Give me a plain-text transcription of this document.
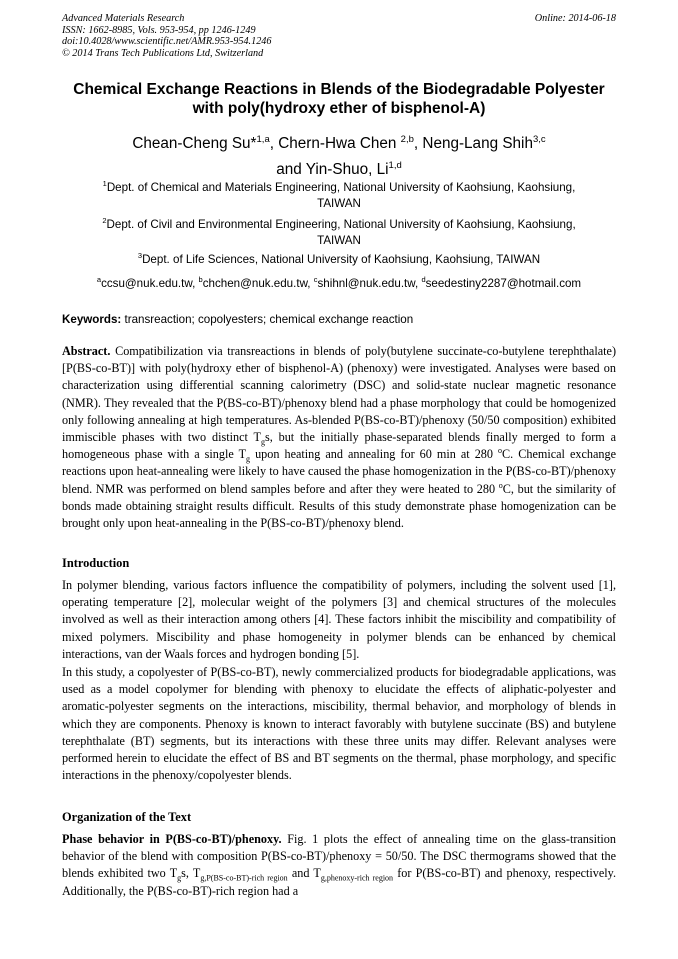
Advanced Materials Research
ISSN: 1662-8985, Vols. 953-954, pp 1246-1249
doi:10.4028/www.scientific.net/AMR.953-954.1246
© 2014 Trans Tech Publications Ltd, Switzerland
Online: 2014-06-18
Chemical Exchange Reactions in Blends of the Biodegradable Polyester
with poly(hydroxy ether of bisphenol-A)
Chean-Cheng Su*$^{1,a}$, Chern-Hwa Chen $^{2,b}$, Neng-Lang Shih$^{3,c}$
and Yin-Shuo, Li$^{1,d}$
$^1$Dept. of Chemical and Materials Engineering, National University of Kaohsiung, Kaohsiung,
TAIWAN
$^2$Dept. of Civil and Environmental Engineering, National University of Kaohsiung, Kaohsiung,
TAIWAN
$^3$Dept. of Life Sciences, National University of Kaohsiung, Kaohsiung, TAIWAN
$^a$ccsu@nuk.edu.tw, $^b$chchen@nuk.edu.tw, $^c$shihnl@nuk.edu.tw, $^d$seedestiny2287@hotmail.com
Keywords: transreaction; copolyesters; chemical exchange reaction

Abstract. Compatibilization via transreactions in blends of poly(butylene succinate-co-butylene terephthalate) [P(BS-co-BT)] with poly(hydroxy ether of bisphenol-A) (phenoxy) were investigated. Analyses were based on characterization using differential scanning calorimetry (DSC) and solid-state nuclear magnetic resonance (NMR). They revealed that the P(BS-co-BT)/phenoxy blend had a phase morphology that could be homogenized only following annealing at high temperatures. As-blended P(BS-co-BT)/phenoxy (50/50 composition) exhibited immiscible phases with two distinct $T_gs$, but the initially phase-separated blends finally merged to form a homogeneous phase with a single $T_g$ upon heating and annealing for 60 min at 280 $^o$C. Chemical exchange reactions upon heat-annealing were likely to have caused the phase homogenization in the P(BS-co-BT)/phenoxy blend. NMR was performed on blend samples before and after they were heated to 280 $^o$C, but the similarity of bonds made obtaining straight results difficult. Results of this study demonstrate phase homogenization can be brought only upon heat-annealing in the P(BS-co-BT)/phenoxy blend.

Introduction

In polymer blending, various factors influence the compatibility of polymers, including the solvent used [1], operating temperature [2], molecular weight of the polymers [3] and chemical structures of the molecules involved as well as their interaction among others [4]. These factors inhibit the miscibility and compatibility of mixed polymers. Miscibility and phase homogeneity in polymer blends can be enhanced by chemical interactions, van der Waals forces and hydrogen bonding [5].

In this study, a copolyester of P(BS-co-BT), newly commercialized products for biodegradable applications, was used as a model copolymer for blending with phenoxy to elucidate the effects of aliphatic-polyester and aromatic-polyester segments on the interactions, miscibility, thermal behavior, and morphology of blends in which they are components. Phenoxy is known to interact favorably with butylene succinate (BS) and butylene terephthalate (BT) segments, but its interactions with these three units may differ. Relevant analyses were performed herein to elucidate the effect of BS and BT segments on the thermal, phase morphology, and specific interactions in the phenoxy/copolyester blends.

Organization of the Text

Phase behavior in P(BS-co-BT)/phenoxy. Fig. 1 plots the effect of annealing time on the glass-transition behavior of the blend with composition P(BS-co-BT)/phenoxy = 50/50. The DSC thermograms showed that the blends exhibited two $T_gs$, $T_{g,P(BS-co-BT)-rich region}$ and $T_{g,phenoxy-rich region}$ for P(BS-co-BT) and phenoxy, respectively. Additionally, the P(BS-co-BT)-rich region had a
